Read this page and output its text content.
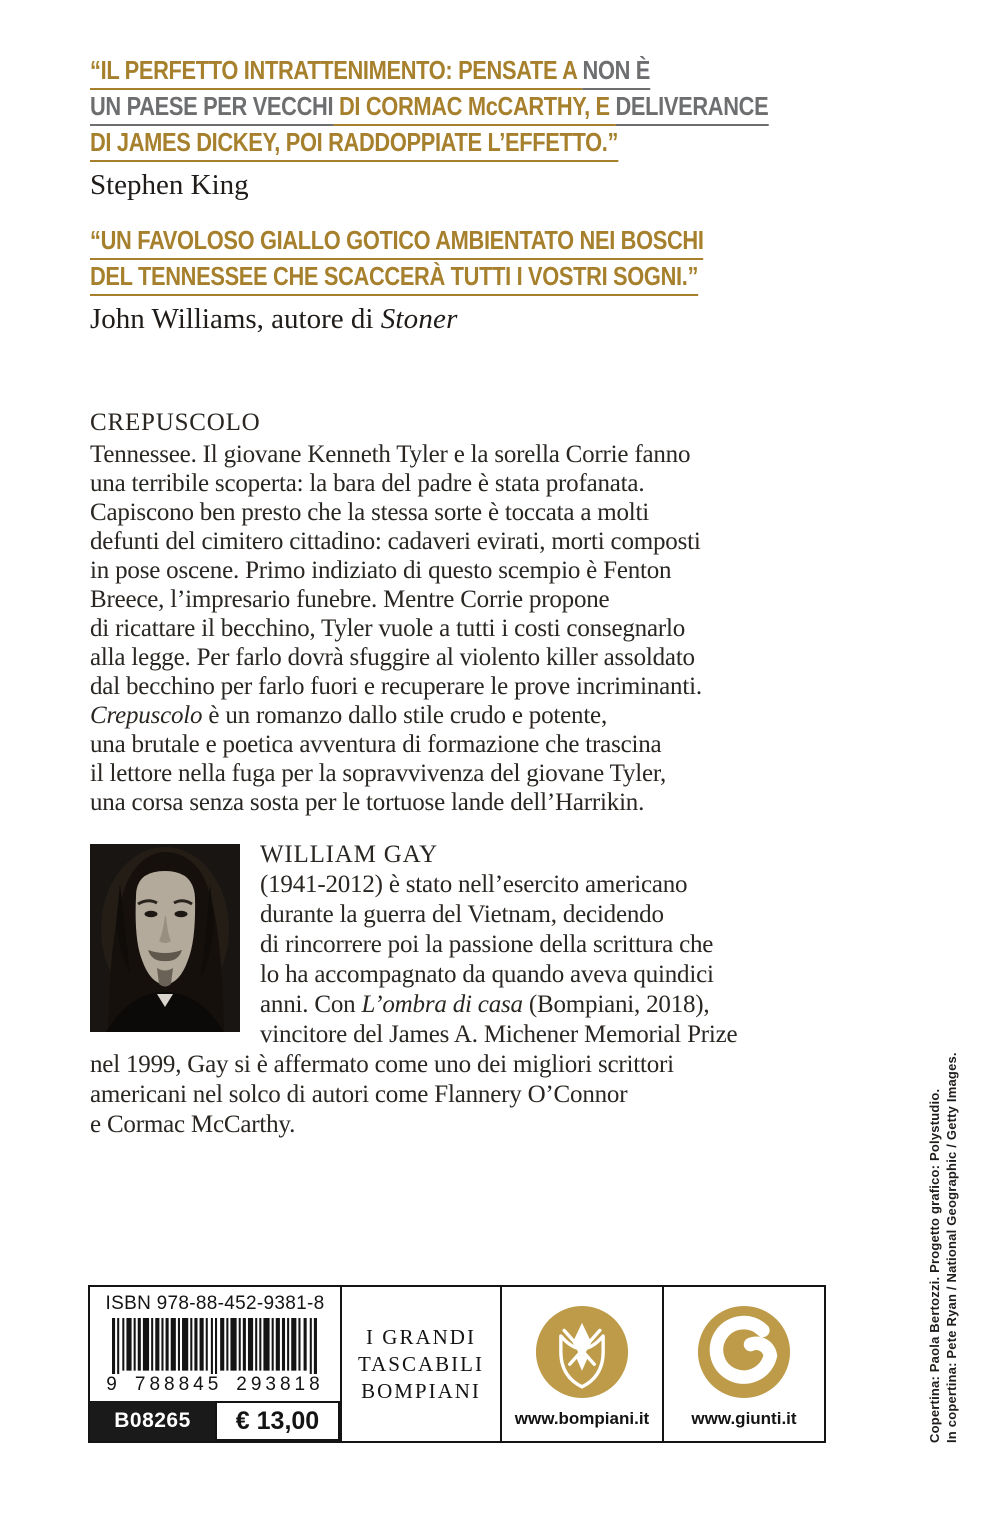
“IL PERFETTO INTRATTENIMENTO: PENSATE A NON È
UN PAESE PER VECCHI DI CORMAC McCARTHY, E DELIVERANCE
DI JAMES DICKEY, POI RADDOPPIATE L’EFFETTO.”
Stephen King
“UN FAVOLOSO GIALLO GOTICO AMBIENTATO NEI BOSCHI
DEL TENNESSEE CHE SCACCERÀ TUTTI I VOSTRI SOGNI.”
John Williams, autore di Stoner
CREPUSCOLO
Tennessee. Il giovane Kenneth Tyler e la sorella Corrie fanno
una terribile scoperta: la bara del padre è stata profanata.
Capiscono ben presto che la stessa sorte è toccata a molti
defunti del cimitero cittadino: cadaveri evirati, morti composti
in pose oscene. Primo indiziato di questo scempio è Fenton
Breece, l’impresario funebre. Mentre Corrie propone
di ricattare il becchino, Tyler vuole a tutti i costi consegnarlo
alla legge. Per farlo dovrà sfuggire al violento killer assoldato
dal becchino per farlo fuori e recuperare le prove incriminanti.
Crepuscolo è un romanzo dallo stile crudo e potente,
una brutale e poetica avventura di formazione che trascina
il lettore nella fuga per la sopravvivenza del giovane Tyler,
una corsa senza sosta per le tortuose lande dell’Harrikin.
WILLIAM GAY
(1941-2012) è stato nell’esercito americano
durante la guerra del Vietnam, decidendo
di rincorrere poi la passione della scrittura che
lo ha accompagnato da quando aveva quindici
anni. Con L’ombra di casa (Bompiani, 2018),
vincitore del James A. Michener Memorial Prize
nel 1999, Gay si è affermato come uno dei migliori scrittori
americani nel solco di autori come Flannery O’Connor
e Cormac McCarthy.
ISBN 978-88-452-9381-8
9 788845 293818
B08265	€ 13,00
I GRANDI
TASCABILI
BOMPIANI
www.bompiani.it www.giunti.it	In copertina: Pete Ryan / National Geographic / Getty Images.
Copertina: Paola Bertozzi. Progetto grafico: Polystudio.
